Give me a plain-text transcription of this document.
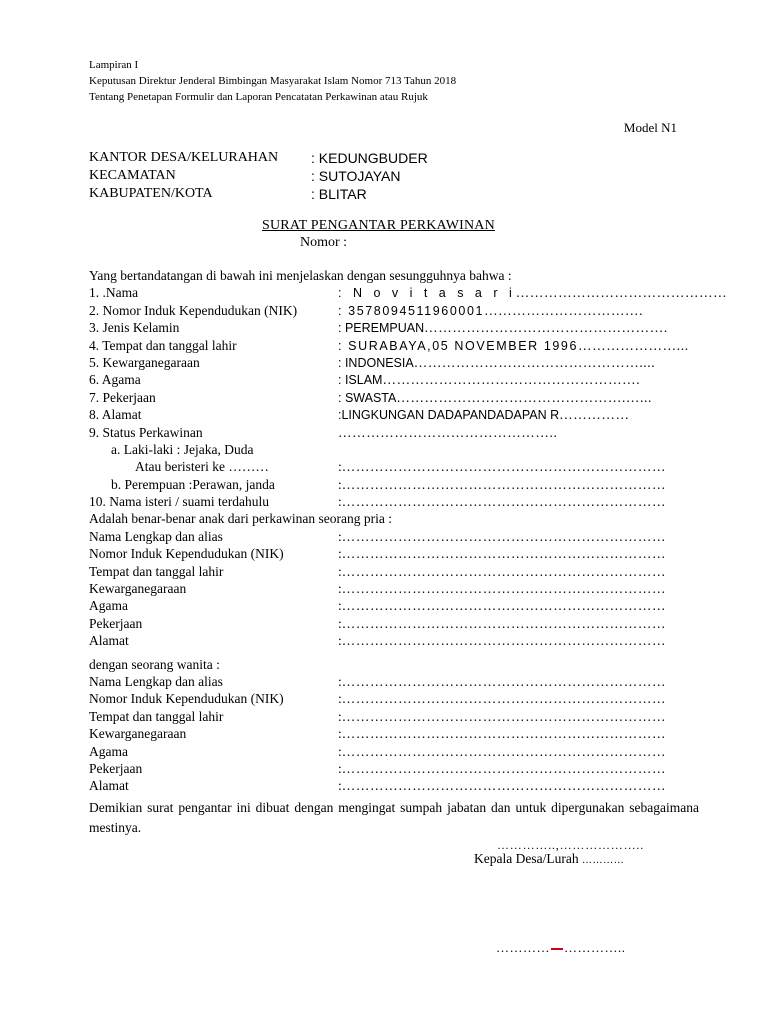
Lampiran I
Keputusan Direktur Jenderal Bimbingan Masyarakat Islam Nomor 713 Tahun 2018
Tentang Penetapan Formulir dan Laporan Pencatatan Perkawinan atau Rujuk
Model N1
KANTOR DESA/KELURAHAN : KEDUNGBUDER
KECAMATAN	: SUTOJAYAN
KABUPATEN/KOTA	: BLITAR
SURAT PENGANTAR PERKAWINAN
Nomor :
Yang bertandatangan di bawah ini menjelaskan dengan sesungguhnya bahwa :
1. .Nama	: N o v i t a s a r i………………………………………
2. Nomor Induk Kependudukan (NIK)	: 3578094511960001…………………………….
3. Jenis Kelamin	: PEREMPUAN…………………………………………….
4. Tempat dan tanggal lahir	: SURABAYA,05 NOVEMBER 1996…………………...
5. Kewarganegaraan	: INDONESIA…………………………………………....
6. Agama	: ISLAM……………………………………………….
7. Pekerjaan	: SWASTA………………………………………….…...
8. Alamat	:LINGKUNGAN DADAPANDADAPAN R……………
9. Status Perkawinan	………………………………………..
a. Laki-laki : Jejaka, Duda
Atau beristeri ke ………	:……………………………………………………………
b. Perempuan :Perawan, janda	:……………………………………………………………
10. Nama isteri / suami terdahulu	:……………………………………………………………
Adalah benar-benar anak dari perkawinan seorang pria :
Nama Lengkap dan alias	:……………………………………………………………
Nomor Induk Kependudukan (NIK)	:……………………………………………………………
Tempat dan tanggal lahir	:……………………………………………………………
Kewarganegaraan	:……………………………………………………………
Agama	:……………………………………………………………
Pekerjaan	:……………………………………………………………
Alamat	:……………………………………………………………
dengan seorang wanita :
Nama Lengkap dan alias	:……………………………………………………………
Nomor Induk Kependudukan (NIK)	:……………………………………………………………
Tempat dan tanggal lahir	:……………………………………………………………
Kewarganegaraan	:……………………………………………………………
Agama	:……………………………………………………………
Pekerjaan	:……………………………………………………………
Alamat	:……………………………………………………………
Demikian surat pengantar ini dibuat dengan mengingat sumpah jabatan dan untuk dipergunakan sebagaimana mestinya.
…………..,………………..
Kepala Desa/Lurah …………
………… …………..
